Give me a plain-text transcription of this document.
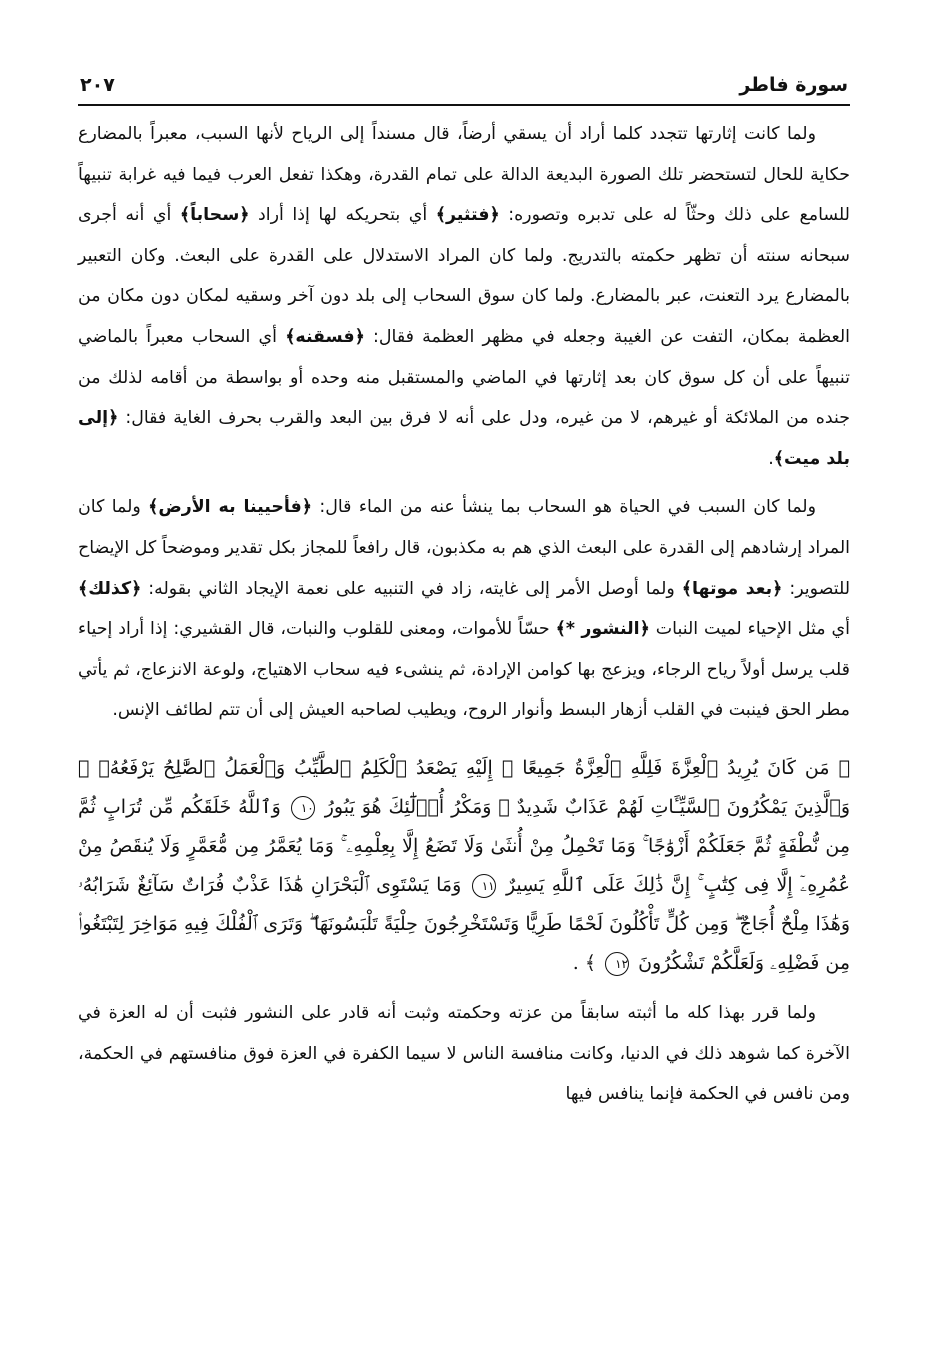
سورة فاطر
٢٠٧

ولما كانت إثارتها تتجدد كلما أراد أن يسقي أرضاً، قال مسنداً إلى الرياح لأنها السبب، معبراً بالمضارع حكاية للحال لتستحضر تلك الصورة البديعة الدالة على تمام القدرة، وهكذا تفعل العرب فيما فيه غرابة تنبيهاً للسامع على ذلك وحثّاً له على تدبره وتصوره: ﴿فتثير﴾ أي بتحريكه لها إذا أراد ﴿سحاباً﴾ أي أنه أجرى سبحانه سنته أن تظهر حكمته بالتدريج. ولما كان المراد الاستدلال على القدرة على البعث. وكان التعبير بالمضارع يرد التعنت، عبر بالمضارع. ولما كان سوق السحاب إلى بلد دون آخر وسقيه لمكان دون مكان من العظمة بمكان، التفت عن الغيبة وجعله في مظهر العظمة فقال: ﴿فسقنه﴾ أي السحاب معبراً بالماضي تنبيهاً على أن كل سوق كان بعد إثارتها في الماضي والمستقبل منه وحده أو بواسطة من أقامه لذلك من جنده من الملائكة أو غيرهم، لا من غيره، ودل على أنه لا فرق بين البعد والقرب بحرف الغاية فقال: ﴿إلى بلد ميت﴾.

ولما كان السبب في الحياة هو السحاب بما ينشأ عنه من الماء قال: ﴿فأحيينا به الأرض﴾ ولما كان المراد إرشادهم إلى القدرة على البعث الذي هم به مكذبون، قال رافعاً للمجاز بكل تقدير وموضحاً كل الإيضاح للتصوير: ﴿بعد موتها﴾ ولما أوصل الأمر إلى غايته، زاد في التنبيه على نعمة الإيجاد الثاني بقوله: ﴿كذلك﴾ أي مثل الإحياء لميت النبات ﴿النشور *﴾ حسّاً للأموات، ومعنى للقلوب والنبات، قال القشيري: إذا أراد إحياء قلب يرسل أولاً رياح الرجاء، ويزعج بها كوامن الإرادة، ثم ينشىء فيه سحاب الاهتياج، ولوعة الانزعاج، ثم يأتي مطر الحق فينبت في القلب أزهار البسط وأنوار الروح، ويطيب لصاحبه العيش إلى أن تتم لطائف الإنس.

﴿ مَن كَانَ يُرِيدُ ٱلْعِزَّةَ فَلِلَّهِ ٱلْعِزَّةُ جَمِيعًا ۚ إِلَيْهِ يَصْعَدُ ٱلْكَلِمُ ٱلطَّيِّبُ وَٱلْعَمَلُ ٱلصَّٰلِحُ يَرْفَعُهُۥ ۚ وَٱلَّذِينَ يَمْكُرُونَ ٱلسَّيِّـَٔاتِ لَهُمْ عَذَابٌ شَدِيدٌ ۖ وَمَكْرُ أُو۟لَٰٓئِكَ هُوَ يَبُورُ ١٠ وَٱللَّهُ خَلَقَكُم مِّن تُرَابٍ ثُمَّ مِن نُّطْفَةٍ ثُمَّ جَعَلَكُمْ أَزْوَٰجًا ۚ وَمَا تَحْمِلُ مِنْ أُنثَىٰ وَلَا تَضَعُ إِلَّا بِعِلْمِهِۦ ۚ وَمَا يُعَمَّرُ مِن مُّعَمَّرٍ وَلَا يُنقَصُ مِنْ عُمُرِهِۦٓ إِلَّا فِى كِتَٰبٍ ۚ إِنَّ ذَٰلِكَ عَلَى ٱللَّهِ يَسِيرٌ ١١ وَمَا يَسْتَوِى ٱلْبَحْرَانِ هَٰذَا عَذْبٌ فُرَاتٌ سَآئِغٌ شَرَابُهُۥ وَهَٰذَا مِلْحٌ أُجَاجٌ ۖ وَمِن كُلٍّ تَأْكُلُونَ لَحْمًا طَرِيًّا وَتَسْتَخْرِجُونَ حِلْيَةً تَلْبَسُونَهَا ۖ وَتَرَى ٱلْفُلْكَ فِيهِ مَوَاخِرَ لِتَبْتَغُوا۟ مِن فَضْلِهِۦ وَلَعَلَّكُمْ تَشْكُرُونَ ١٢ ﴾ .

ولما قرر بهذا كله ما أثبته سابقاً من عزته وحكمته وثبت أنه قادر على النشور فثبت أن له العزة في الآخرة كما شوهد ذلك في الدنيا، وكانت منافسة الناس لا سيما الكفرة في العزة فوق منافستهم في الحكمة، ومن نافس في الحكمة فإنما ينافس فيها
